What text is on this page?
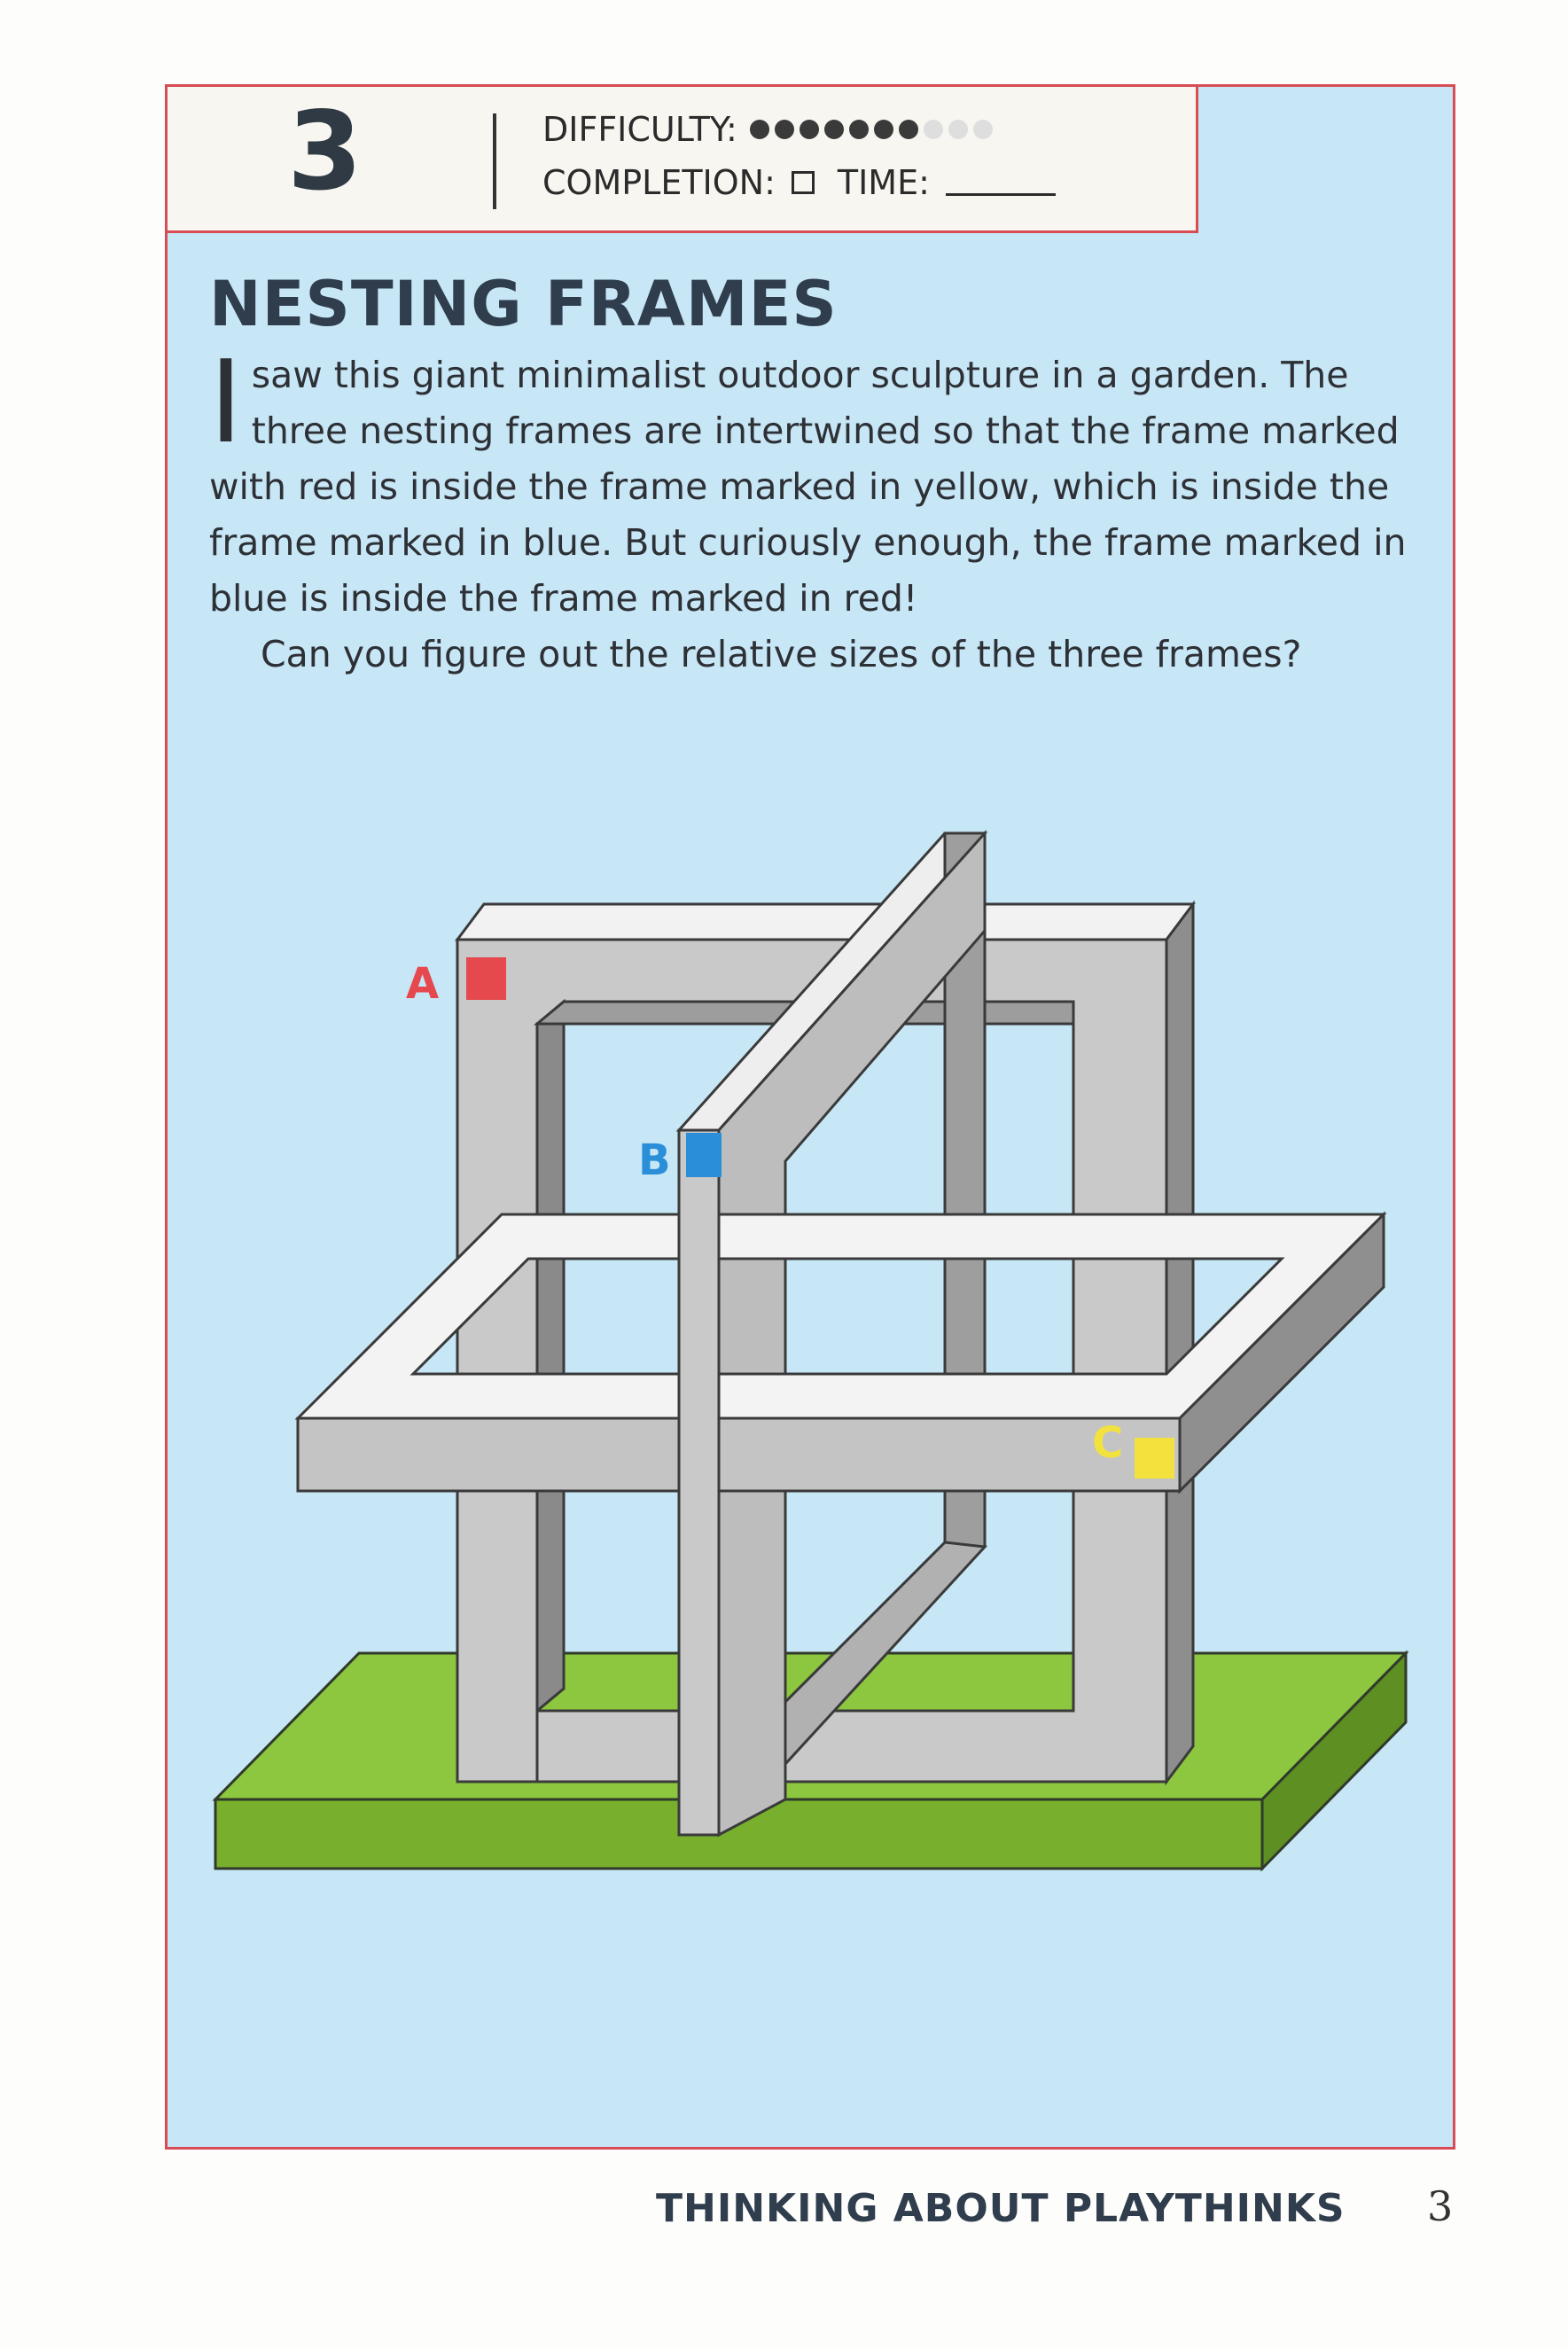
3	DIFFICULTY:
COMPLETION: TIME:
NESTING FRAMES

Isaw this giant minimalist outdoor sculpture in a garden. The three nesting frames are intertwined so that the frame marked with red is inside the frame marked in yellow, which is inside the frame marked in blue. But curiously enough, the frame marked in blue is inside the frame marked in red!

Can you figure out the relative sizes of the three frames?

A
B
C
THINKING ABOUT PLAYTHINKS 3
